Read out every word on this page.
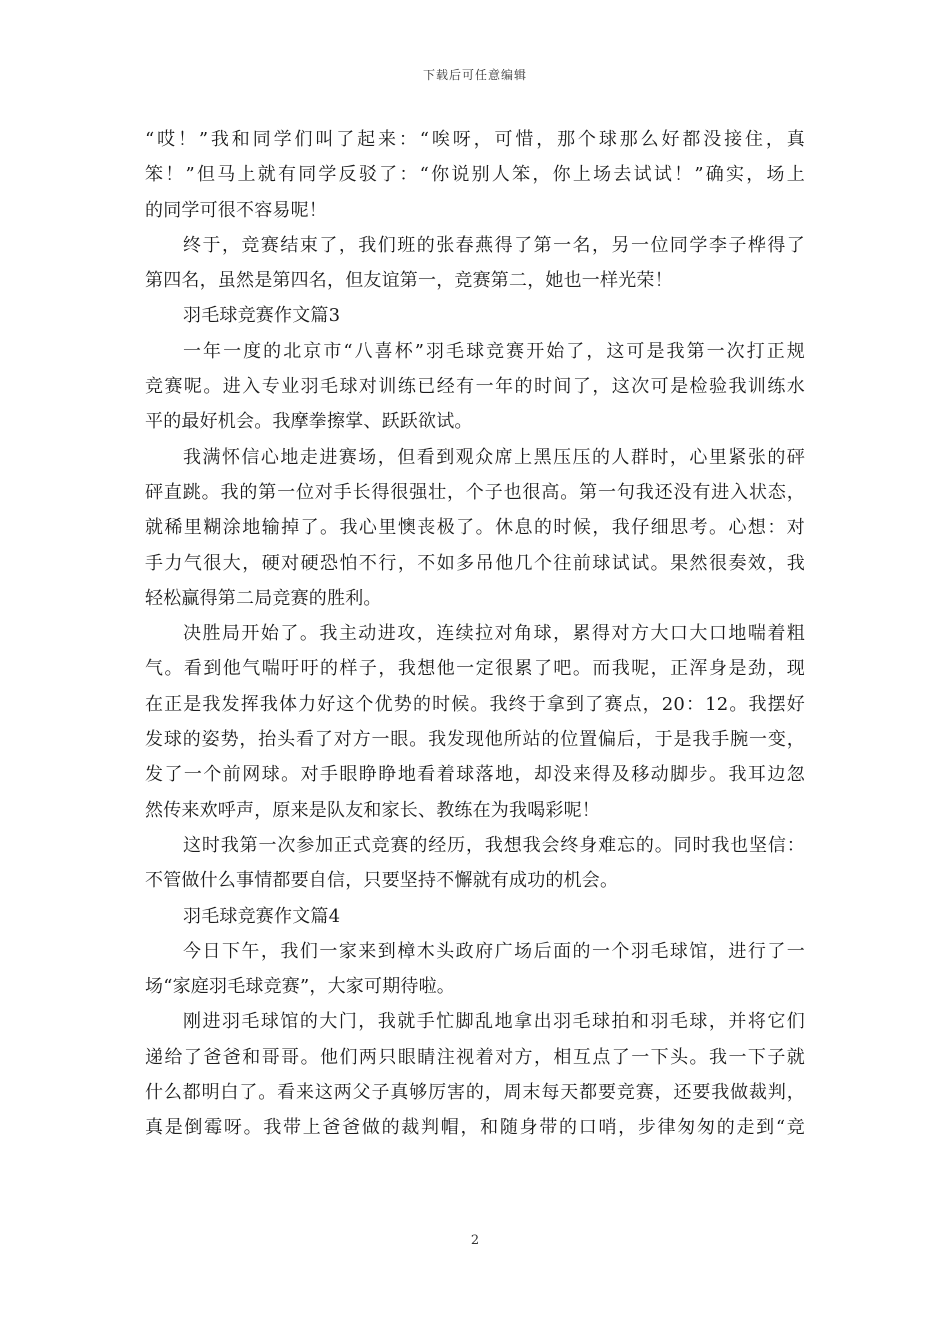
下载后可任意编辑
“哎！”我和同学们叫了起来：“唉呀，可惜，那个球那么好都没接住，真
笨！”但马上就有同学反驳了：“你说别人笨，你上场去试试！”确实，场上
的同学可很不容易呢！
终于，竞赛结束了，我们班的张春燕得了第一名，另一位同学李子桦得了
第四名，虽然是第四名，但友谊第一，竞赛第二，她也一样光荣！
羽毛球竞赛作文篇3
一年一度的北京市“八喜杯”羽毛球竞赛开始了，这可是我第一次打正规
竞赛呢。进入专业羽毛球对训练已经有一年的时间了，这次可是检验我训练水
平的最好机会。我摩拳擦掌、跃跃欲试。
我满怀信心地走进赛场，但看到观众席上黑压压的人群时，心里紧张的砰
砰直跳。我的第一位对手长得很强壮，个子也很高。第一句我还没有进入状态，
就稀里糊涂地输掉了。我心里懊丧极了。休息的时候，我仔细思考。心想：对
手力气很大，硬对硬恐怕不行，不如多吊他几个往前球试试。果然很奏效，我
轻松赢得第二局竞赛的胜利。
决胜局开始了。我主动进攻，连续拉对角球，累得对方大口大口地喘着粗
气。看到他气喘吁吁的样子，我想他一定很累了吧。而我呢，正浑身是劲，现
在正是我发挥我体力好这个优势的时候。我终于拿到了赛点，20：12。我摆好
发球的姿势，抬头看了对方一眼。我发现他所站的位置偏后，于是我手腕一变，
发了一个前网球。对手眼睁睁地看着球落地，却没来得及移动脚步。我耳边忽
然传来欢呼声，原来是队友和家长、教练在为我喝彩呢！
这时我第一次参加正式竞赛的经历，我想我会终身难忘的。同时我也坚信：
不管做什么事情都要自信，只要坚持不懈就有成功的机会。
羽毛球竞赛作文篇4
今日下午，我们一家来到樟木头政府广场后面的一个羽毛球馆，进行了一
场“家庭羽毛球竞赛”，大家可期待啦。
刚进羽毛球馆的大门，我就手忙脚乱地拿出羽毛球拍和羽毛球，并将它们
递给了爸爸和哥哥。他们两只眼睛注视着对方，相互点了一下头。我一下子就
什么都明白了。看来这两父子真够厉害的，周末每天都要竞赛，还要我做裁判，
真是倒霉呀。我带上爸爸做的裁判帽，和随身带的口哨，步律匆匆的走到“竞
2
